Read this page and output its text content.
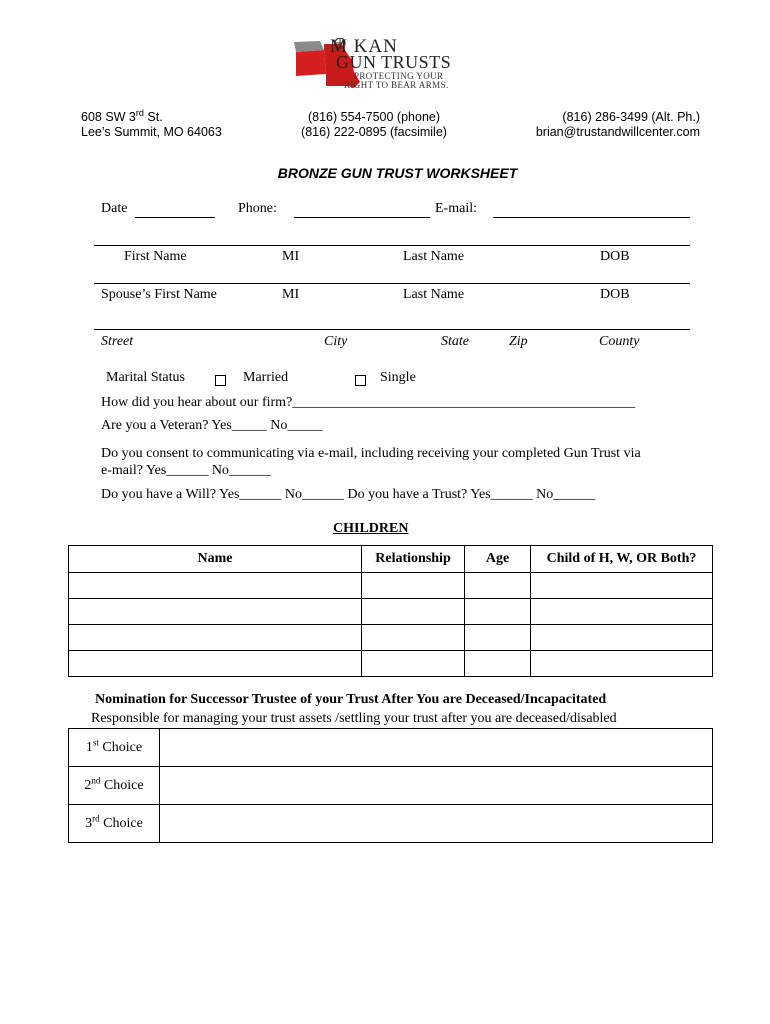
M KAN
GUN TRUSTS
PROTECTING YOUR
RIGHT TO BEAR ARMS.
608 SW 3rd St.
Lee’s Summit, MO 64063
(816) 554-7500 (phone)
(816) 222-0895 (facsimile)
(816) 286-3499 (Alt. Ph.)
brian@trustandwillcenter.com
BRONZE GUN TRUST WORKSHEET
Date	Phone:	E-mail:
First Name	MI	Last Name	DOB
Spouse’s First Name	MI	Last Name	DOB
Street	City	State	Zip	County
Marital Status	Married	Single
How did you hear about our firm?_________________________________________________
Are you a Veteran? Yes_____ No_____
Do you consent to communicating via e-mail, including receiving your completed Gun Trust via
e-mail? Yes______ No______
Do you have a Will? Yes______ No______ Do you have a Trust? Yes______ No______
CHILDREN
Name	Relationship	Age	Child of H, W, OR Both?

Nomination for Successor Trustee of your Trust After You are Deceased/Incapacitated
Responsible for managing your trust assets /settling your trust after you are deceased/disabled
1st Choice	
2nd Choice	
3rd Choice	
